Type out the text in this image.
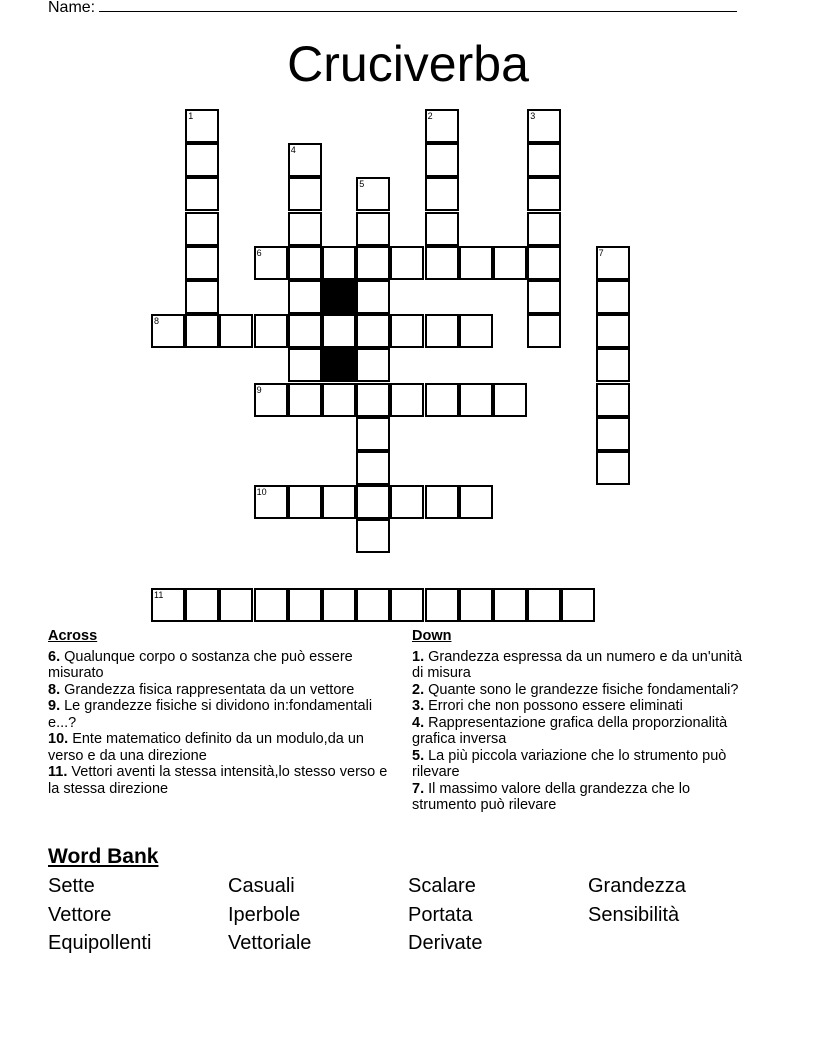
Name:
Cruciverba
1	2	3
4
5
6	7
8
9
10
11
Across
6. Qualunque corpo o sostanza che può essere misurato
8. Grandezza fisica rappresentata da un vettore
9. Le grandezze fisiche si dividono in:fondamentali e...?
10. Ente matematico definito da un modulo,da un verso e da una direzione
11. Vettori aventi la stessa intensità,lo stesso verso e la stessa direzione
Down
1. Grandezza espressa da un numero e da un'unità di misura
2. Quante sono le grandezze fisiche fondamentali?
3. Errori che non possono essere eliminati
4. Rappresentazione grafica della proporzionalità grafica inversa
5. La più piccola variazione che lo strumento può rilevare
7. Il massimo valore della grandezza che lo strumento può rilevare
Word Bank
Sette	Casuali	Scalare	Grandezza
Vettore	Iperbole	Portata	Sensibilità
Equipollenti	Vettoriale	Derivate
